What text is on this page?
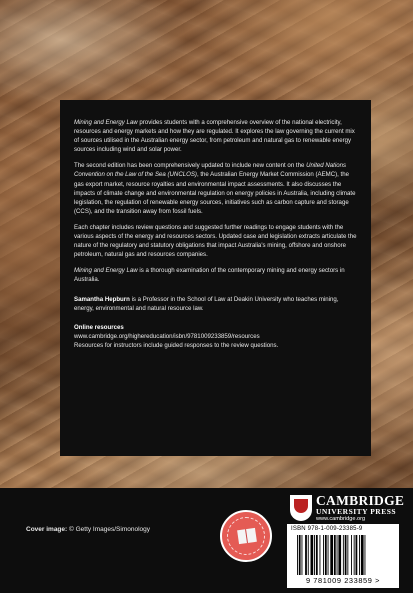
Mining and Energy Law provides students with a comprehensive overview of the national electricity, resources and energy markets and how they are regulated. It explores the law governing the current mix of sources utilised in the Australian energy sector, from petroleum and natural gas to renewable energy sources including wind and solar power.

The second edition has been comprehensively updated to include new content on the United Nations Convention on the Law of the Sea (UNCLOS), the Australian Energy Market Commission (AEMC), the gas export market, resource royalties and environmental impact assessments. It also discusses the impacts of climate change and environmental regulation on energy policies in Australia, including climate legislation, the regulation of renewable energy sources, initiatives such as carbon capture and storage (CCS), and the transition away from fossil fuels.

Each chapter includes review questions and suggested further readings to engage students with the various aspects of the energy and resources sectors. Updated case and legislation extracts articulate the nature of the regulatory and statutory obligations that impact Australia's mining, offshore and onshore petroleum, natural gas and resources companies.

Mining and Energy Law is a thorough examination of the contemporary mining and energy sectors in Australia.

Samantha Hepburn is a Professor in the School of Law at Deakin University who teaches mining, energy, environmental and natural resource law.

Online resources
www.cambridge.org/highereducation/isbn/9781009233859/resources
Resources for instructors include guided responses to the review questions.

Cover image: © Getty Images/Simonology
CAMBRIDGE
UNIVERSITY PRESS
www.cambridge.org
ISBN 978-1-009-23385-9
9 781009 233859 >
